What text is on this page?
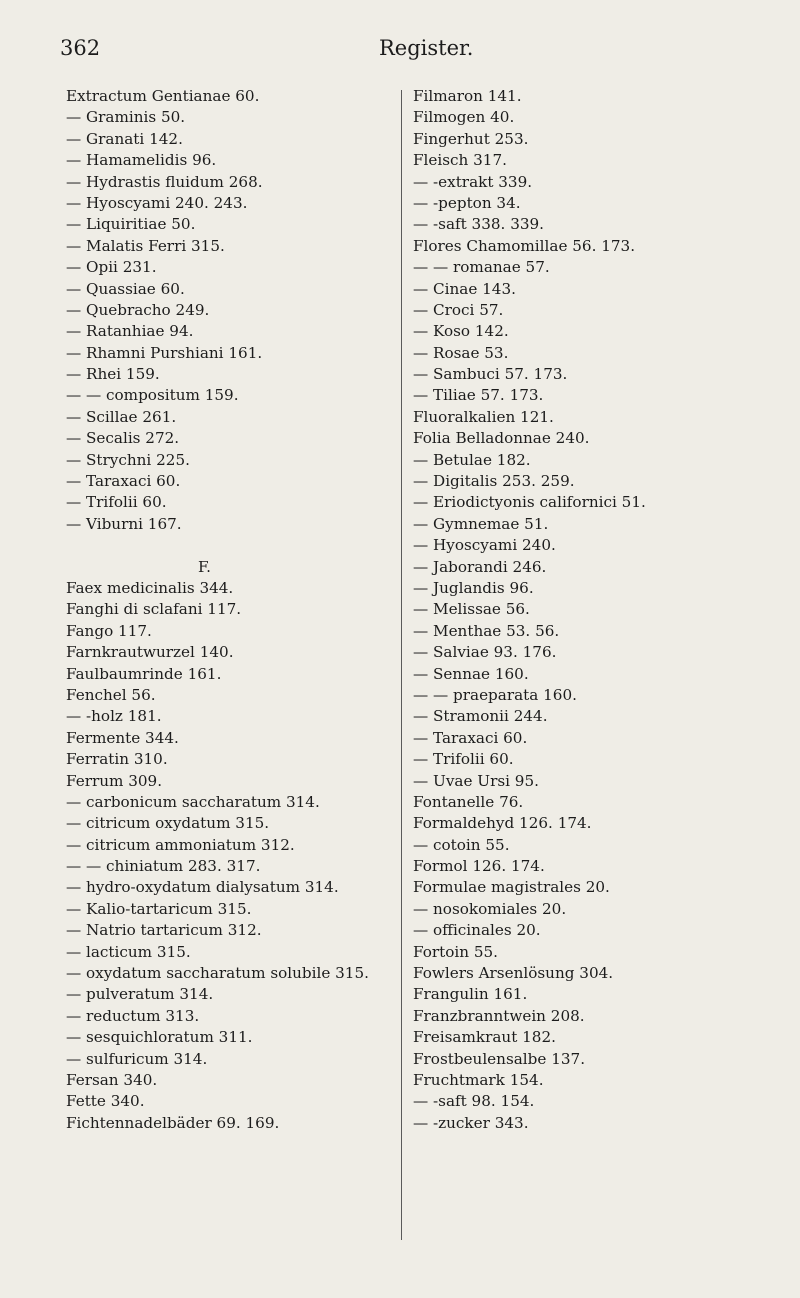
362	Register.
Extractum Gentianae 60.
— Graminis 50.
— Granati 142.
— Hamamelidis 96.
— Hydrastis fluidum 268.
— Hyoscyami 240. 243.
— Liquiritiae 50.
— Malatis Ferri 315.
— Opii 231.
— Quassiae 60.
— Quebracho 249.
— Ratanhiae 94.
— Rhamni Purshiani 161.
— Rhei 159.
— — compositum 159.
— Scillae 261.
— Secalis 272.
— Strychni 225.
— Taraxaci 60.
— Trifolii 60.
— Viburni 167.
F.
Faex medicinalis 344.
Fanghi di sclafani 117.
Fango 117.
Farnkrautwurzel 140.
Faulbaumrinde 161.
Fenchel 56.
— -holz 181.
Fermente 344.
Ferratin 310.
Ferrum 309.
— carbonicum saccharatum 314.
— citricum oxydatum 315.
— citricum ammoniatum 312.
— — chiniatum 283. 317.
— hydro-oxydatum dialysatum 314.
— Kalio-tartaricum 315.
— Natrio tartaricum 312.
— lacticum 315.
— oxydatum saccharatum solubile 315.
— pulveratum 314.
— reductum 313.
— sesquichloratum 311.
— sulfuricum 314.
Fersan 340.
Fette 340.
Fichtennadelbäder 69. 169.
Filmaron 141.
Filmogen 40.
Fingerhut 253.
Fleisch 317.
— -extrakt 339.
— -pepton 34.
— -saft 338. 339.
Flores Chamomillae 56. 173.
— — romanae 57.
— Cinae 143.
— Croci 57.
— Koso 142.
— Rosae 53.
— Sambuci 57. 173.
— Tiliae 57. 173.
Fluoralkalien 121.
Folia Belladonnae 240.
— Betulae 182.
— Digitalis 253. 259.
— Eriodictyonis californici 51.
— Gymnemae 51.
— Hyoscyami 240.
— Jaborandi 246.
— Juglandis 96.
— Melissae 56.
— Menthae 53. 56.
— Salviae 93. 176.
— Sennae 160.
— — praeparata 160.
— Stramonii 244.
— Taraxaci 60.
— Trifolii 60.
— Uvae Ursi 95.
Fontanelle 76.
Formaldehyd 126. 174.
— cotoin 55.
Formol 126. 174.
Formulae magistrales 20.
— nosokomiales 20.
— officinales 20.
Fortoin 55.
Fowlers Arsenlösung 304.
Frangulin 161.
Franzbranntwein 208.
Freisamkraut 182.
Frostbeulensalbe 137.
Fruchtmark 154.
— -saft 98. 154.
— -zucker 343.
